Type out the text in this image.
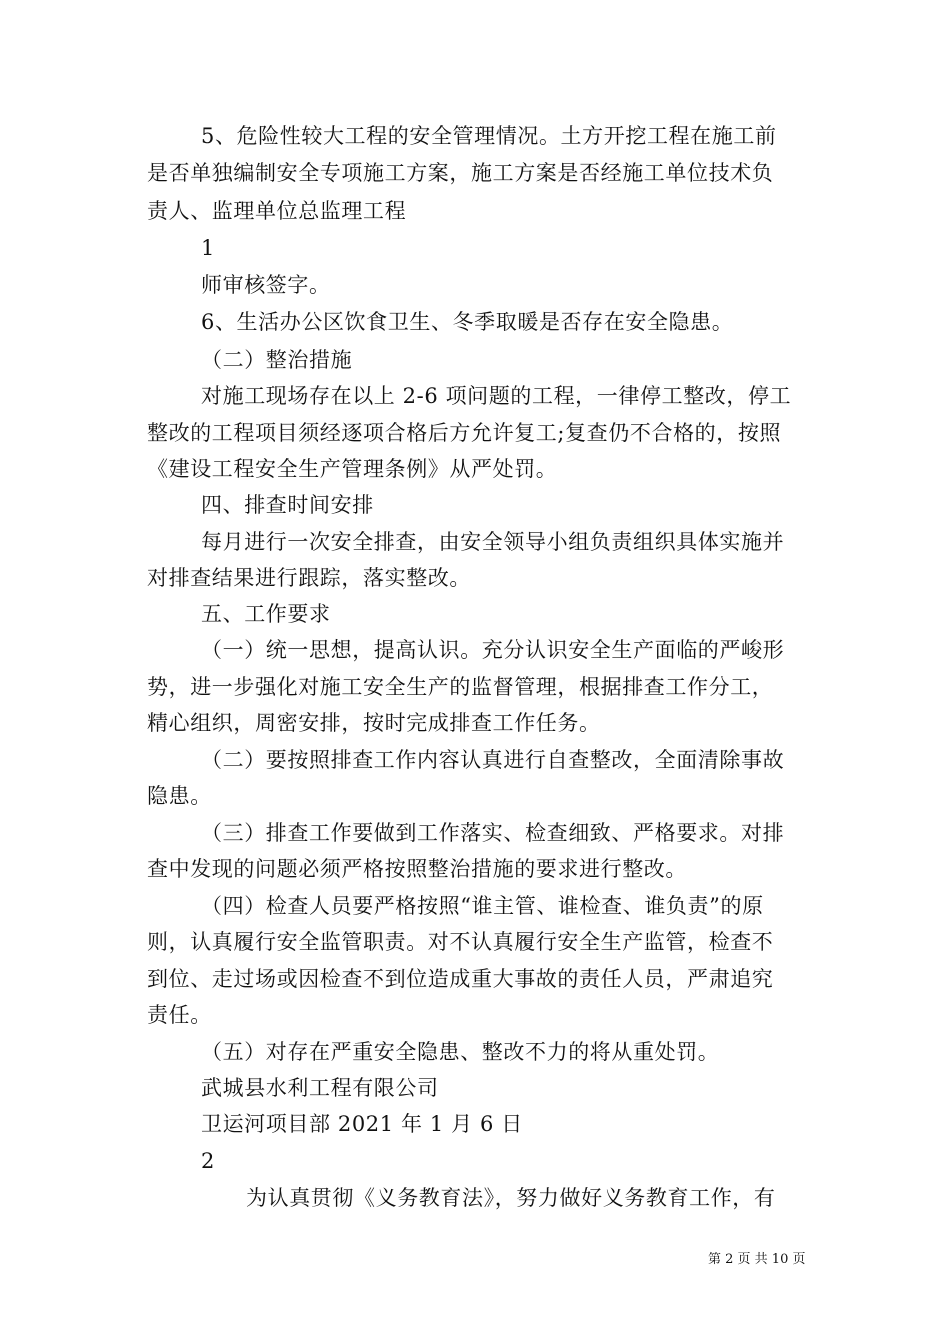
5、危险性较大工程的安全管理情况。土方开挖工程在施工前
是否单独编制安全专项施工方案，施工方案是否经施工单位技术负
责人、监理单位总监理工程
1
师审核签字。
6、生活办公区饮食卫生、冬季取暖是否存在安全隐患。
（二）整治措施
对施工现场存在以上 2-6 项问题的工程，一律停工整改，停工
整改的工程项目须经逐项合格后方允许复工;复查仍不合格的，按照
《建设工程安全生产管理条例》从严处罚。
四、排查时间安排
每月进行一次安全排查，由安全领导小组负责组织具体实施并
对排查结果进行跟踪，落实整改。
五、工作要求
（一）统一思想，提高认识。充分认识安全生产面临的严峻形
势，进一步强化对施工安全生产的监督管理，根据排查工作分工，
精心组织，周密安排，按时完成排查工作任务。
（二）要按照排查工作内容认真进行自查整改，全面清除事故
隐患。
（三）排查工作要做到工作落实、检查细致、严格要求。对排
查中发现的问题必须严格按照整治措施的要求进行整改。
（四）检查人员要严格按照“谁主管、谁检查、谁负责”的原
则，认真履行安全监管职责。对不认真履行安全生产监管，检查不
到位、走过场或因检查不到位造成重大事故的责任人员，严肃追究
责任。
（五）对存在严重安全隐患、整改不力的将从重处罚。
武城县水利工程有限公司
卫运河项目部 2021 年 1 月 6 日
2
为认真贯彻《义务教育法》，努力做好义务教育工作，有
第 2 页 共 10 页
